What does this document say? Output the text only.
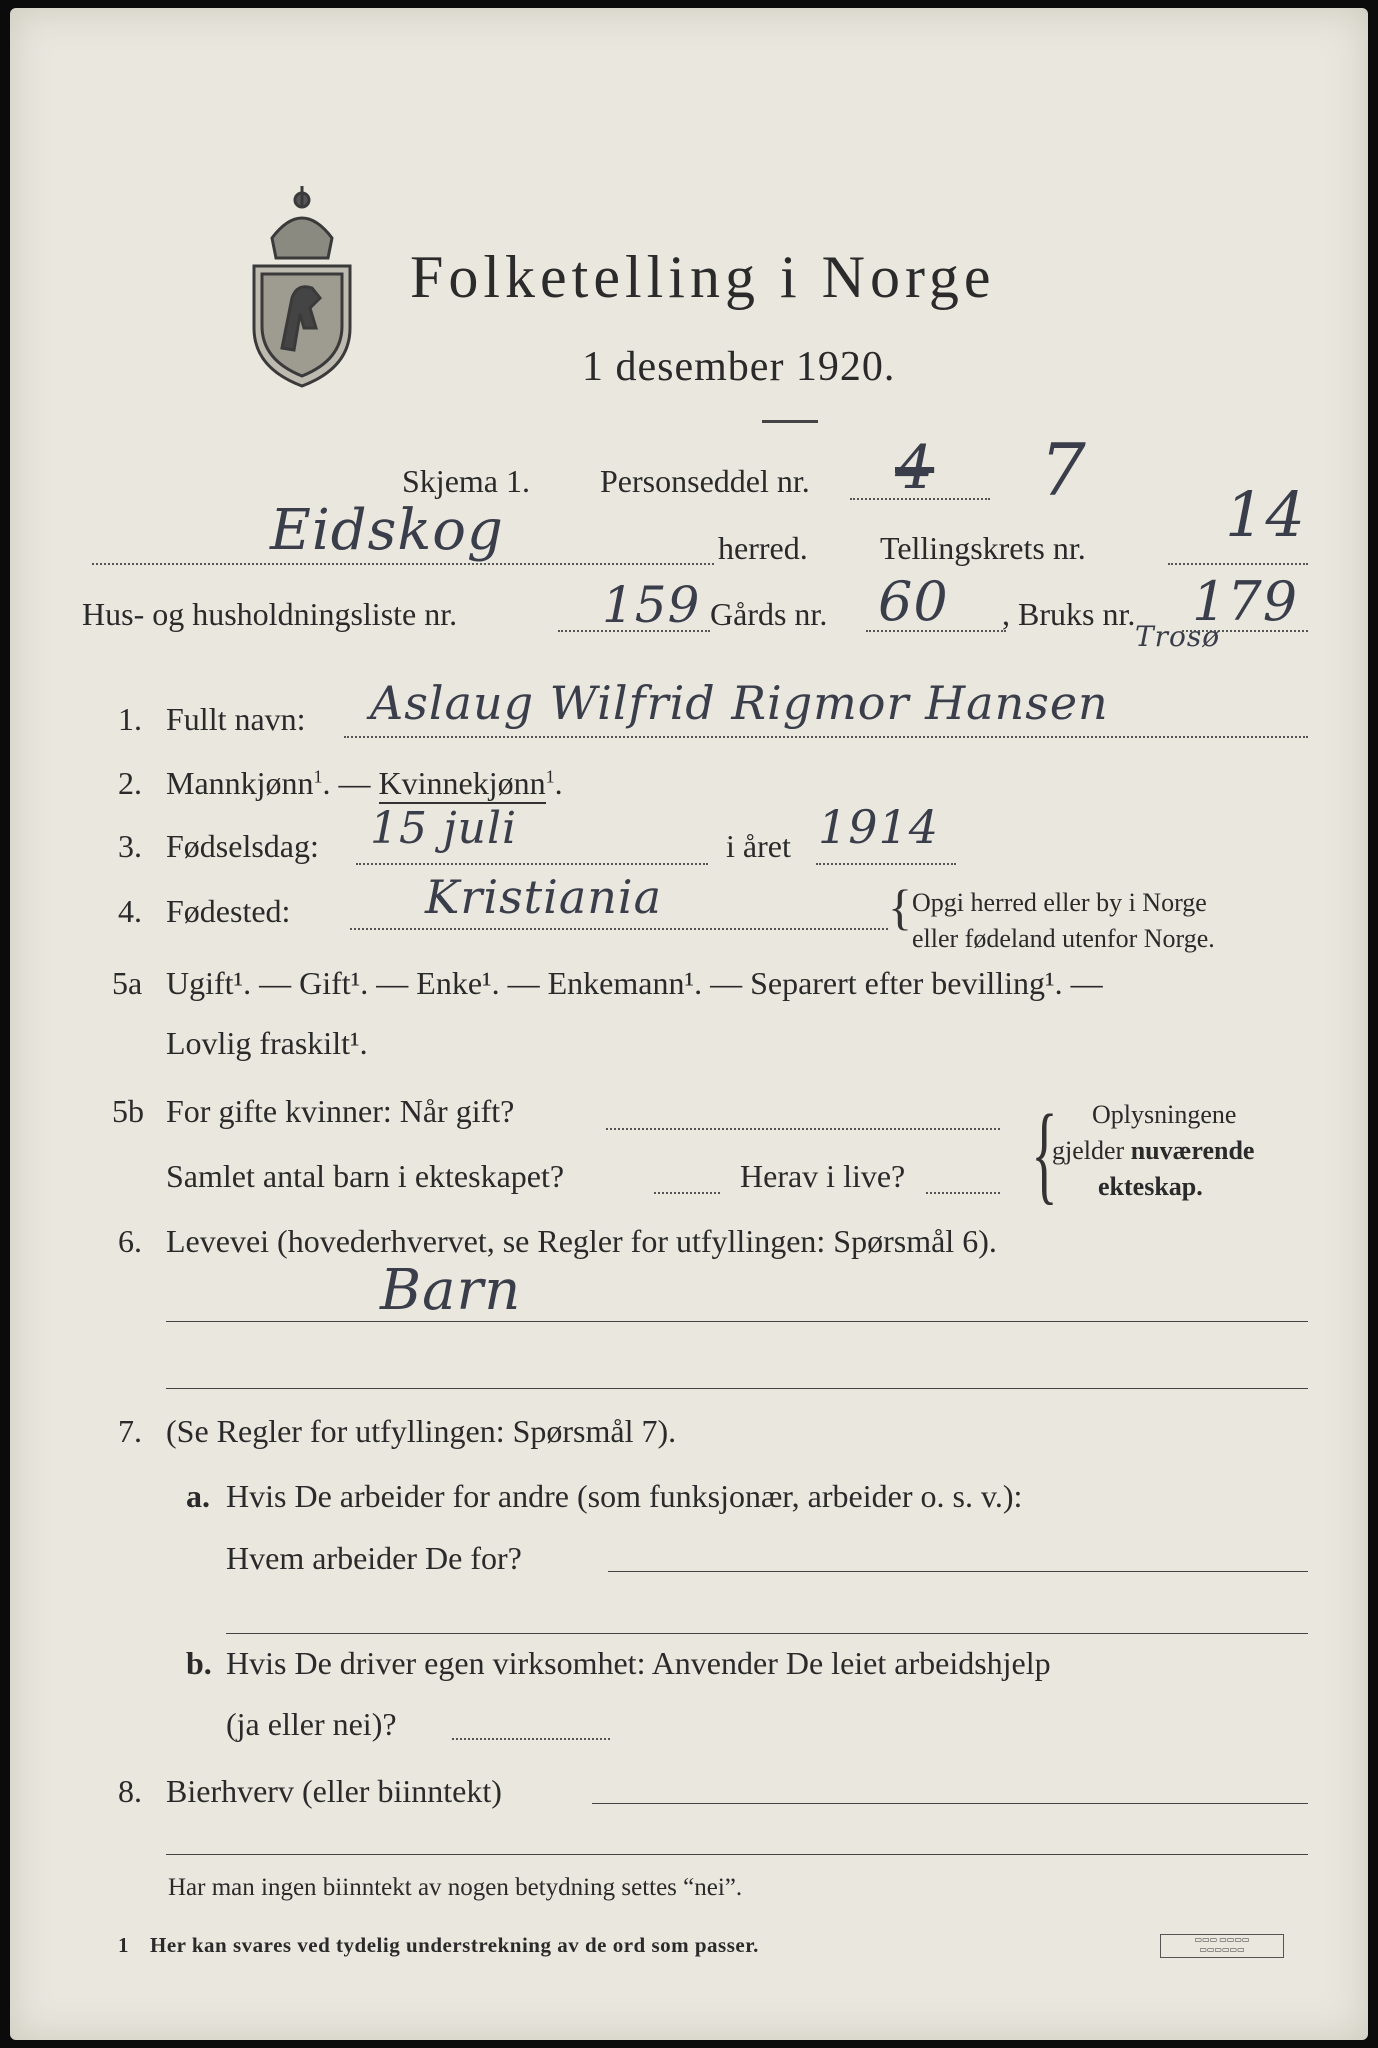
Folketelling i Norge
1 desember 1920.
Skjema 1. Personseddel nr. 4 7
Eidskog	herred. Tellingskrets nr. 14
Hus- og husholdningsliste nr.	159 Gårds nr. 60 , Bruks nr. 179
1. Fullt navn: Aslaug Wilfrid Rigmor Hansen
Trosø
2. Mannkjønn$^1$. — Kvinnekjønn$^1$.
3. Fødselsdag: 15 juli	i året 1914
4. Fødested:	Kristiania	{ Opgi herred eller by i Norge
eller fødeland utenfor Norge.
5a Ugift¹. — Gift¹. — Enke¹. — Enkemann¹. — Separert efter bevilling¹. —
Lovlig fraskilt¹.
5b For gifte kvinner: Når gift?
Samlet antal barn i ekteskapet?	Herav i live? { Oplysningene
gjelder nuværende
ekteskap.
6. Levevei (hovederhvervet, se Regler for utfyllingen: Spørsmål 6).
Barn
7. (Se Regler for utfyllingen: Spørsmål 7).
a. Hvis De arbeider for andre (som funksjonær, arbeider o. s. v.):
Hvem arbeider De for?
b. Hvis De driver egen virksomhet: Anvender De leiet arbeidshjelp
(ja eller nei)?
8. Bierhverv (eller biinntekt)
Har man ingen biinntekt av nogen betydning settes “nei”.
1 Her kan svares ved tydelig understrekning av de ord som passer.	▭▭▭ ▭▭▭▭
▭▭▭▭▭▭
